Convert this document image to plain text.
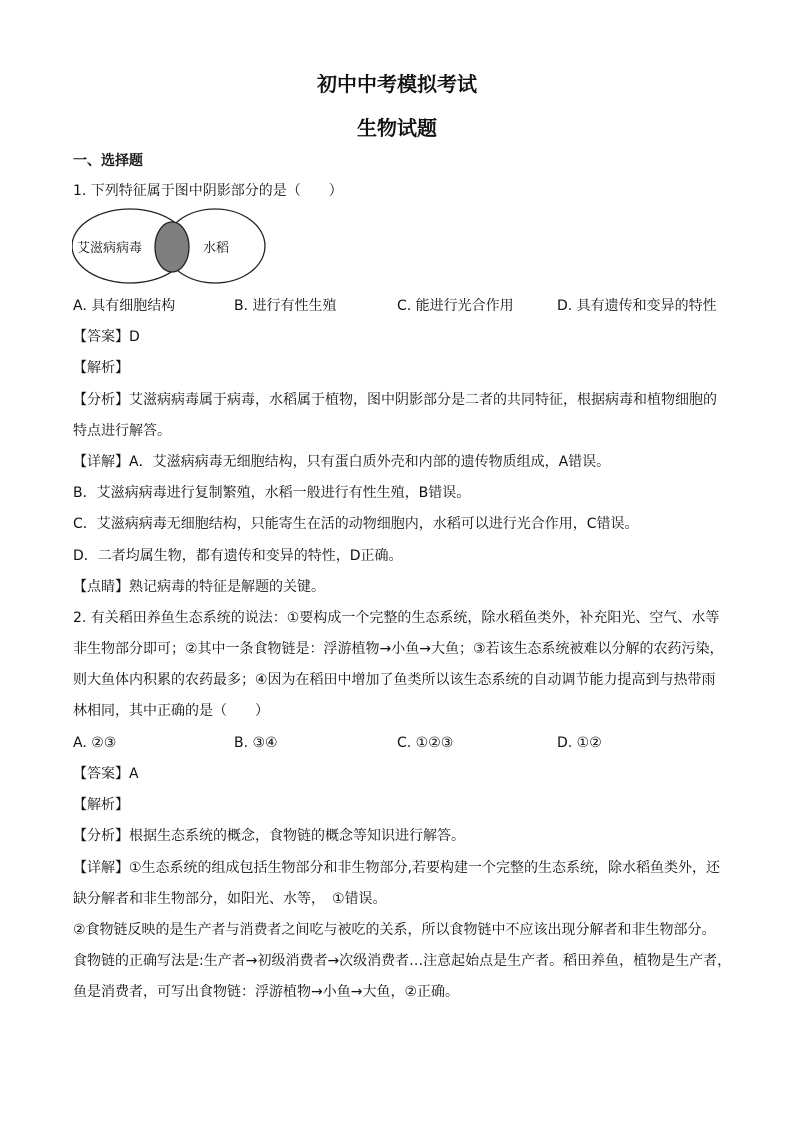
初中中考模拟考试
生物试题
一、选择题
1. 下列特征属于图中阴影部分的是（　　）
艾滋病病毒	水稻
A. 具有细胞结构	B. 进行有性生殖	C. 能进行光合作用	D. 具有遗传和变异的特性
【答案】D
【解析】
【分析】艾滋病病毒属于病毒，水稻属于植物，图中阴影部分是二者的共同特征，根据病毒和植物细胞的
特点进行解答。
【详解】A．艾滋病病毒无细胞结构，只有蛋白质外壳和内部的遗传物质组成，A错误。
B．艾滋病病毒进行复制繁殖，水稻一般进行有性生殖，B错误。
C．艾滋病病毒无细胞结构，只能寄生在活的动物细胞内，水稻可以进行光合作用，C错误。
D．二者均属生物，都有遗传和变异的特性，D正确。
【点睛】熟记病毒的特征是解题的关键。
2. 有关稻田养鱼生态系统的说法：①要构成一个完整的生态系统，除水稻鱼类外，补充阳光、空气、水等
非生物部分即可；②其中一条食物链是：浮游植物→小鱼→大鱼；③若该生态系统被难以分解的农药污染，
则大鱼体内积累的农药最多；④因为在稻田中增加了鱼类所以该生态系统的自动调节能力提高到与热带雨
林相同，其中正确的是（　　）
A. ②③	B. ③④	C. ①②③	D. ①②
【答案】A
【解析】
【分析】根据生态系统的概念，食物链的概念等知识进行解答。
【详解】①生态系统的组成包括生物部分和非生物部分,若要构建一个完整的生态系统，除水稻鱼类外，还
缺分解者和非生物部分，如阳光、水等，　①错误。
②食物链反映的是生产者与消费者之间吃与被吃的关系，所以食物链中不应该出现分解者和非生物部分。
食物链的正确写法是:生产者→初级消费者→次级消费者…注意起始点是生产者。稻田养鱼，植物是生产者，
鱼是消费者，可写出食物链：浮游植物→小鱼→大鱼，②正确。
